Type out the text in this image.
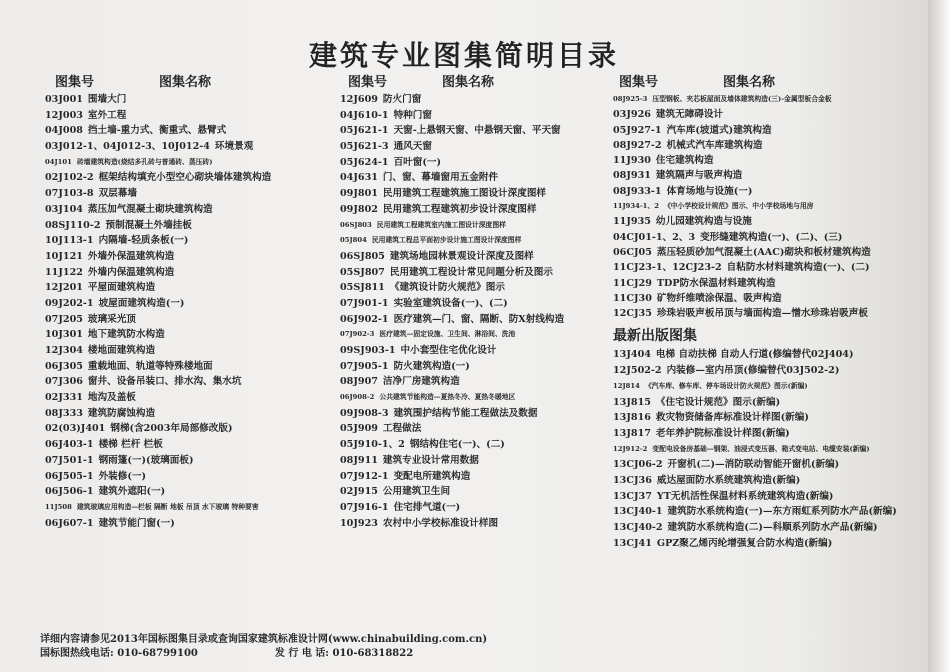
建筑专业图集简明目录
图集号	图集名称
03J001 围墙大门
12J003 室外工程
04J008 挡土墙-重力式、衡重式、悬臂式
03J012-1、04J012-3、10J012-4 环境景观
04J101 砖墙建筑构造(烧结多孔砖与普通砖、蒸压砖)
02J102-2 框架结构填充小型空心砌块墙体建筑构造
07J103-8 双层幕墙
03J104 蒸压加气混凝土砌块建筑构造
08SJ110-2 预制混凝土外墙挂板
10J113-1 内隔墙-轻质条板(一)
10J121 外墙外保温建筑构造
11J122 外墙内保温建筑构造
12J201 平屋面建筑构造
09J202-1 坡屋面建筑构造(一)
07J205 玻璃采光顶
10J301 地下建筑防水构造
12J304 楼地面建筑构造
06J305 重载地面、轨道等特殊楼地面
07J306 窗井、设备吊装口、排水沟、集水坑
02J331 地沟及盖板
08J333 建筑防腐蚀构造
02(03)J401 钢梯(含2003年局部修改版)
06J403-1 楼梯 栏杆 栏板
07J501-1 钢雨篷(一)(玻璃面板)
06J505-1 外装修(一)
06J506-1 建筑外遮阳(一)
11J508 建筑玻璃应用构造—栏板 隔断 地板 吊顶 水下玻璃 特种要害
06J607-1 建筑节能门窗(一)
图集号	图集名称
12J609 防火门窗
04J610-1 特种门窗
05J621-1 天窗-上悬钢天窗、中悬钢天窗、平天窗
05J621-3 通风天窗
05J624-1 百叶窗(一)
04J631 门、窗、幕墙窗用五金附件
09J801 民用建筑工程建筑施工图设计深度图样
09J802 民用建筑工程建筑初步设计深度图样
06SJ803 民用建筑工程建筑室内施工图设计深度图样
05J804 民用建筑工程总平面初步设计施工图设计深度图样
06SJ805 建筑场地园林景观设计深度及图样
05SJ807 民用建筑工程设计常见问题分析及图示
05SJ811 《建筑设计防火规范》图示
07J901-1 实验室建筑设备(一)、(二)
06J902-1 医疗建筑—门、窗、隔断、防X射线构造
07J902-3 医疗建筑—固定设施、卫生间、淋浴间、洗池
09SJ903-1 中小套型住宅优化设计
07J905-1 防火建筑构造(一)
08J907 洁净厂房建筑构造
06J908-2 公共建筑节能构造—夏热冬冷、夏热冬暖地区
09J908-3 建筑围护结构节能工程做法及数据
05J909 工程做法
05J910-1、2 钢结构住宅(一)、(二)
08J911 建筑专业设计常用数据
07J912-1 变配电所建筑构造
02J915 公用建筑卫生间
07J916-1 住宅排气道(一)
10J923 农村中小学校标准设计样图
图集号	图集名称
08J925-3 压型钢板、夹芯板屋面及墙体建筑构造(三)-金属型板合金板
03J926 建筑无障碍设计
05J927-1 汽车库(坡道式)建筑构造
08J927-2 机械式汽车库建筑构造
11J930 住宅建筑构造
08J931 建筑隔声与吸声构造
08J933-1 体育场地与设施(一)
11J934-1、2 《中小学校设计规范》图示、中小学校场地与用房
11J935 幼儿园建筑构造与设施
04CJ01-1、2、3 变形缝建筑构造(一)、(二)、(三)
06CJ05 蒸压轻质砂加气混凝土(AAC)砌块和板材建筑构造
11CJ23-1、12CJ23-2 自粘防水材料建筑构造(一)、(二)
11CJ29 TDP防水保温材料建筑构造
11CJ30 矿物纤维喷涂保温、吸声构造
12CJ35 珍珠岩吸声板吊顶与墙面构造—憎水珍珠岩吸声板
最新出版图集
13J404 电梯 自动扶梯 自动人行道(修编替代02J404)
12J502-2 内装修—室内吊顶(修编替代03J502-2)
12J814 《汽车库、修车库、停车场设计防火规范》图示(新编)
13J815 《住宅设计规范》图示(新编)
13J816 救灾物资储备库标准设计样图(新编)
13J817 老年养护院标准设计样图(新编)
12J912-2 变配电设备房基础—钢架、油浸式变压器、箱式变电站、电缆安装(新编)
13CJ06-2 开窗机(二)—消防联动智能开窗机(新编)
13CJ36 威达屋面防水系统建筑构造(新编)
13CJ37 YT无机活性保温材料系统建筑构造(新编)
13CJ40-1 建筑防水系统构造(一)—东方雨虹系列防水产品(新编)
13CJ40-2 建筑防水系统构造(二)—科顺系列防水产品(新编)
13CJ41 GPZ聚乙烯丙纶增强复合防水构造(新编)
详细内容请参见2013年国标图集目录或查询国家建筑标准设计网(www.chinabuilding.com.cn)
国标图热线电话: 010-68799100	发 行 电 话: 010-68318822
